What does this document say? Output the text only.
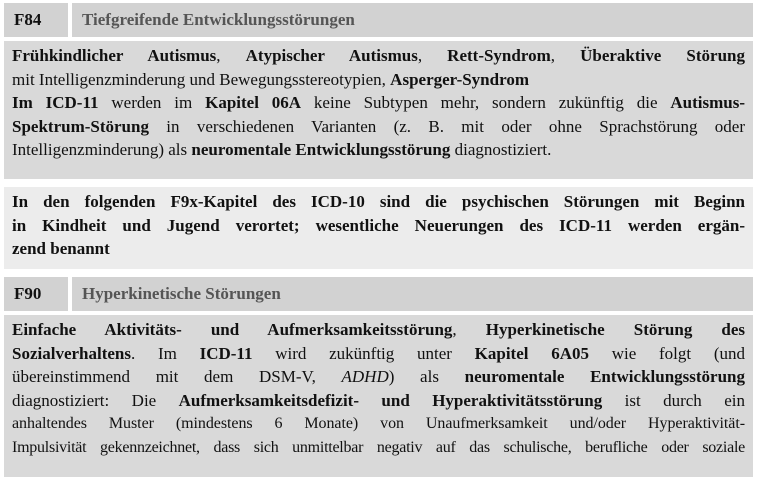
F84	Tiefgreifende Entwicklungsstörungen
Frühkindlicher Autismus, Atypischer Autismus, Rett-Syndrom, Überaktive Störung
mit Intelligenzminderung und Bewegungsstereotypien, Asperger-Syndrom
Im ICD-11 werden im Kapitel 06A keine Subtypen mehr, sondern zukünftig die Autismus-
Spektrum-Störung in verschiedenen Varianten (z. B. mit oder ohne Sprachstörung oder
Intelligenzminderung) als neuromentale Entwicklungsstörung diagnostiziert.
In den folgenden F9x-Kapitel des ICD-10 sind die psychischen Störungen mit Beginn
in Kindheit und Jugend verortet; wesentliche Neuerungen des ICD-11 werden ergän-
zend benannt
F90	Hyperkinetische Störungen
Einfache Aktivitäts- und Aufmerksamkeitsstörung, Hyperkinetische Störung des
Sozialverhaltens. Im ICD-11 wird zukünftig unter Kapitel 6A05 wie folgt (und
übereinstimmend mit dem DSM-V, ADHD) als neuromentale Entwicklungsstörung
diagnostiziert: Die Aufmerksamkeitsdefizit- und Hyperaktivitätsstörung ist durch ein
anhaltendes Muster (mindestens 6 Monate) von Unaufmerksamkeit und/oder Hyperaktivität-
Impulsivität gekennzeichnet, dass sich unmittelbar negativ auf das schulische, berufliche oder soziale
